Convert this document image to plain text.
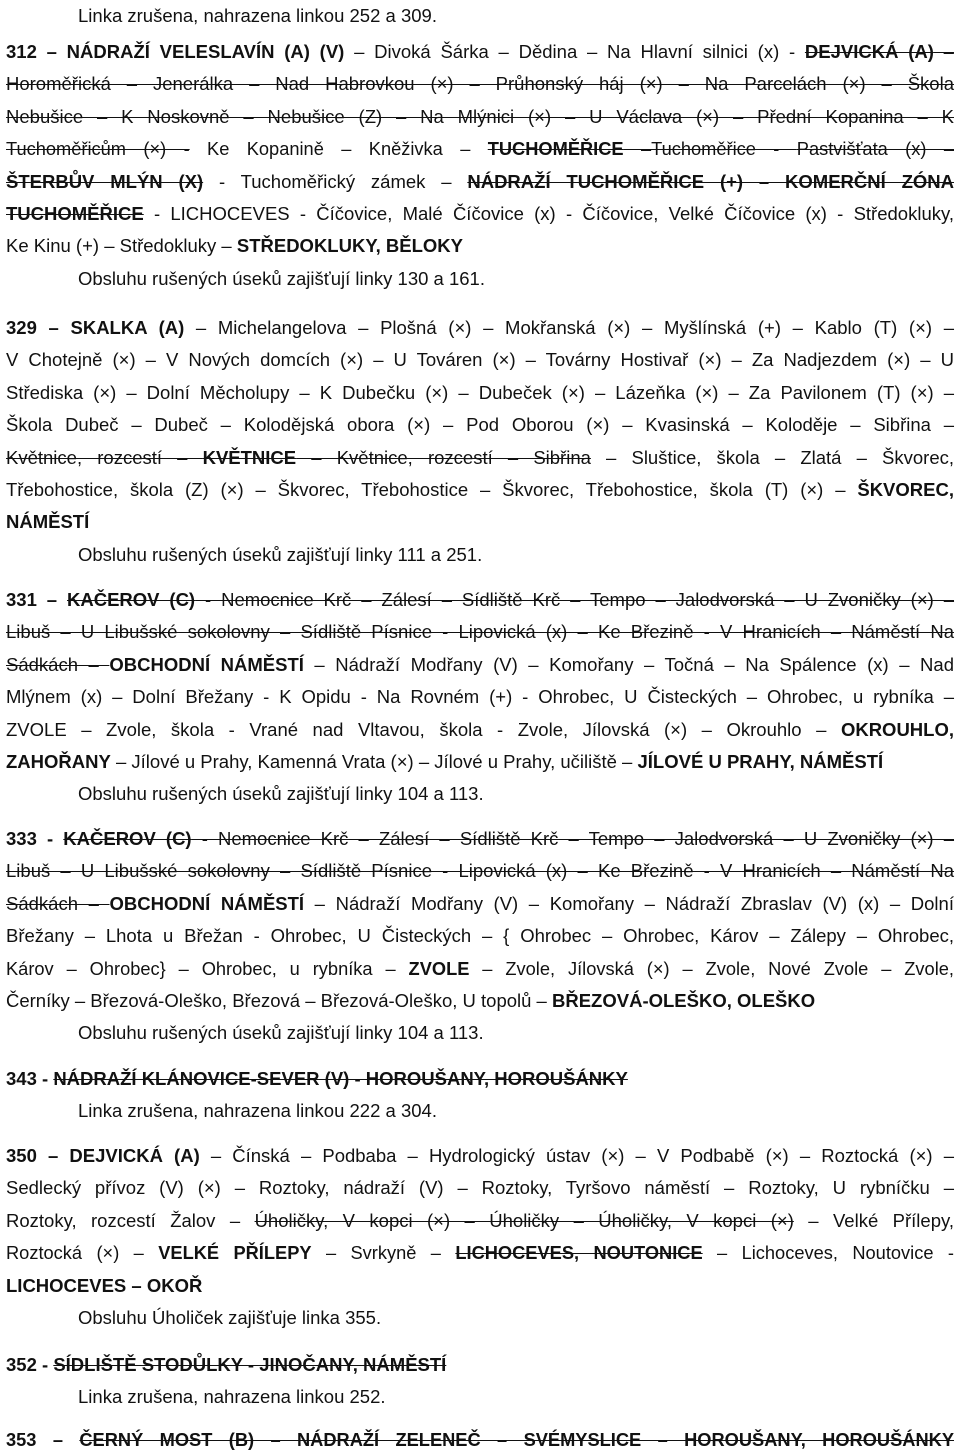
Linka zrušena, nahrazena linkou 252 a 309.
312 – NÁDRAŽÍ VELESLAVÍN (A) (V) – Divoká Šárka – Dědina – Na Hlavní silnici (x) - DEJVICKÁ (A) –
Horoměřická – Jenerálka – Nad Habrovkou (×) – Průhonský háj (×) – Na Parcelách (×) – Škola
Nebušice – K Noskovně – Nebušice (Z) – Na Mlýnici (×) – U Václava (×) – Přední Kopanina – K
Tuchoměřicům (×) - Ke Kopanině – Kněživka – TUCHOMĚŘICE –Tuchoměřice - Pastvišťata (x) –
ŠTERBŮV MLÝN (X) - Tuchoměřický zámek – NÁDRAŽÍ TUCHOMĚŘICE (+) – KOMERČNÍ ZÓNA
TUCHOMĚŘICE - LICHOCEVES - Číčovice, Malé Číčovice (x) - Číčovice, Velké Číčovice (x) - Středokluky,
Ke Kinu (+) – Středokluky – STŘEDOKLUKY, BĚLOKY
Obsluhu rušených úseků zajišťují linky 130 a 161.
329 – SKALKA (A) – Michelangelova – Plošná (×) – Mokřanská (×) – Myšlínská (+) – Kablo (T) (×) –
V Chotejně (×) – V Nových domcích (×) – U Továren (×) – Továrny Hostivař (×) – Za Nadjezdem (×) – U
Střediska (×) – Dolní Měcholupy – K Dubečku (×) – Dubeček (×) – Lázeňka (×) – Za Pavilonem (T) (×) –
Škola Dubeč – Dubeč – Kolodějská obora (×) – Pod Oborou (×) – Kvasinská – Koloděje – Sibřina –
Květnice, rozcestí – KVĚTNICE – Květnice, rozcestí – Sibřina – Sluštice, škola – Zlatá – Škvorec,
Třebohostice, škola (Z) (×) – Škvorec, Třebohostice – Škvorec, Třebohostice, škola (T) (×) – ŠKVOREC,
NÁMĚSTÍ
Obsluhu rušených úseků zajišťují linky 111 a 251.
331 – KAČEROV (C) - Nemocnice Krč – Zálesí – Sídliště Krč – Tempo – Jalodvorská – U Zvoničky (×) –
Libuš – U Libušské sokolovny – Sídliště Písnice - Lipovická (x) – Ke Březině - V Hranicích – Náměstí Na
Sádkách – OBCHODNÍ NÁMĚSTÍ – Nádraží Modřany (V) – Komořany – Točná – Na Spálence (x) – Nad
Mlýnem (x) – Dolní Břežany - K Opidu - Na Rovném (+) - Ohrobec, U Čisteckých – Ohrobec, u rybníka –
ZVOLE – Zvole, škola - Vrané nad Vltavou, škola - Zvole, Jílovská (×) – Okrouhlo – OKROUHLO,
ZAHOŘANY – Jílové u Prahy, Kamenná Vrata (×) – Jílové u Prahy, učiliště – JÍLOVÉ U PRAHY, NÁMĚSTÍ
Obsluhu rušených úseků zajišťují linky 104 a 113.
333 - KAČEROV (C) - Nemocnice Krč – Zálesí – Sídliště Krč – Tempo – Jalodvorská – U Zvoničky (×) –
Libuš – U Libušské sokolovny – Sídliště Písnice - Lipovická (x) – Ke Březině - V Hranicích – Náměstí Na
Sádkách – OBCHODNÍ NÁMĚSTÍ – Nádraží Modřany (V) – Komořany – Nádraží Zbraslav (V) (x) – Dolní
Břežany – Lhota u Břežan - Ohrobec, U Čisteckých – { Ohrobec – Ohrobec, Károv – Zálepy – Ohrobec,
Károv – Ohrobec} – Ohrobec, u rybníka – ZVOLE – Zvole, Jílovská (×) – Zvole, Nové Zvole – Zvole,
Černíky – Březová-Oleško, Březová – Březová-Oleško, U topolů – BŘEZOVÁ-OLEŠKO, OLEŠKO
Obsluhu rušených úseků zajišťují linky 104 a 113.
343 - NÁDRAŽÍ KLÁNOVICE-SEVER (V) - HOROUŠANY, HOROUŠÁNKY
Linka zrušena, nahrazena linkou 222 a 304.
350 – DEJVICKÁ (A) – Čínská – Podbaba – Hydrologický ústav (×) – V Podbabě (×) – Roztocká (×) –
Sedlecký přívoz (V) (×) – Roztoky, nádraží (V) – Roztoky, Tyršovo náměstí – Roztoky, U rybníčku –
Roztoky, rozcestí Žalov – Úholičky, V kopci (×) – Úholičky – Úholičky, V kopci (×) – Velké Přílepy,
Roztocká (×) – VELKÉ PŘÍLEPY – Svrkyně – LICHOCEVES, NOUTONICE – Lichoceves, Noutovice -
LICHOCEVES – OKOŘ
Obsluhu Úholiček zajišťuje linka 355.
352 - SÍDLIŠTĚ STODŮLKY - JINOČANY, NÁMĚSTÍ
Linka zrušena, nahrazena linkou 252.
353 – ČERNÝ MOST (B) – NÁDRAŽÍ ZELENEČ – SVÉMYSLICE – HOROUŠANY, HOROUŠÁNKY
